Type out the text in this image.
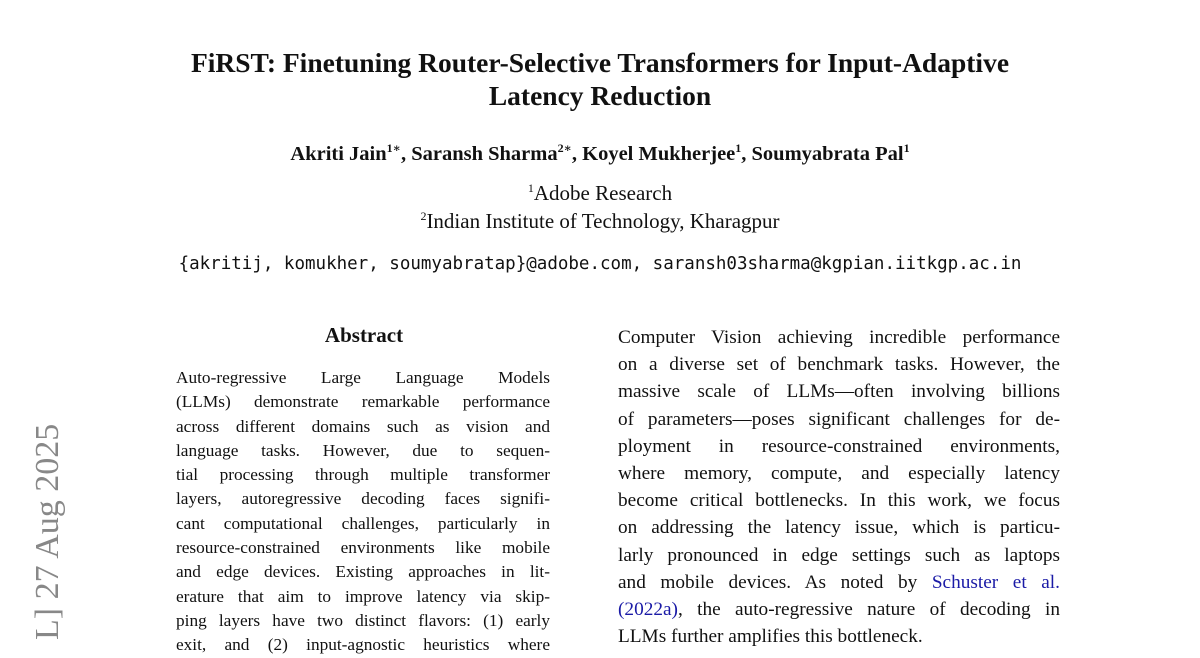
FiRST: Finetuning Router-Selective Transformers for Input-Adaptive
Latency Reduction
Akriti Jain$^{1∗}$, Saransh Sharma$^{2∗}$, Koyel Mukherjee$^1$, Soumyabrata Pal$^1$
$^1$Adobe Research
$^2$Indian Institute of Technology, Kharagpur
{akritij, komukher, soumyabratap}@adobe.com, saransh03sharma@kgpian.iitkgp.ac.in
L] 27 Aug 2025
Abstract
Auto-regressive Large Language Models
(LLMs) demonstrate remarkable performance
across different domains such as vision and
language tasks. However, due to sequen-
tial processing through multiple transformer
layers, autoregressive decoding faces signifi-
cant computational challenges, particularly in
resource-constrained environments like mobile
and edge devices. Existing approaches in lit-
erature that aim to improve latency via skip-
ping layers have two distinct flavors: (1) early
exit, and (2) input-agnostic heuristics where
Computer Vision achieving incredible performance
on a diverse set of benchmark tasks. However, the
massive scale of LLMs—often involving billions
of parameters—poses significant challenges for de-
ployment in resource-constrained environments,
where memory, compute, and especially latency
become critical bottlenecks. In this work, we focus
on addressing the latency issue, which is particu-
larly pronounced in edge settings such as laptops
and mobile devices. As noted by Schuster et al.
(2022a), the auto-regressive nature of decoding in
LLMs further amplifies this bottleneck.
